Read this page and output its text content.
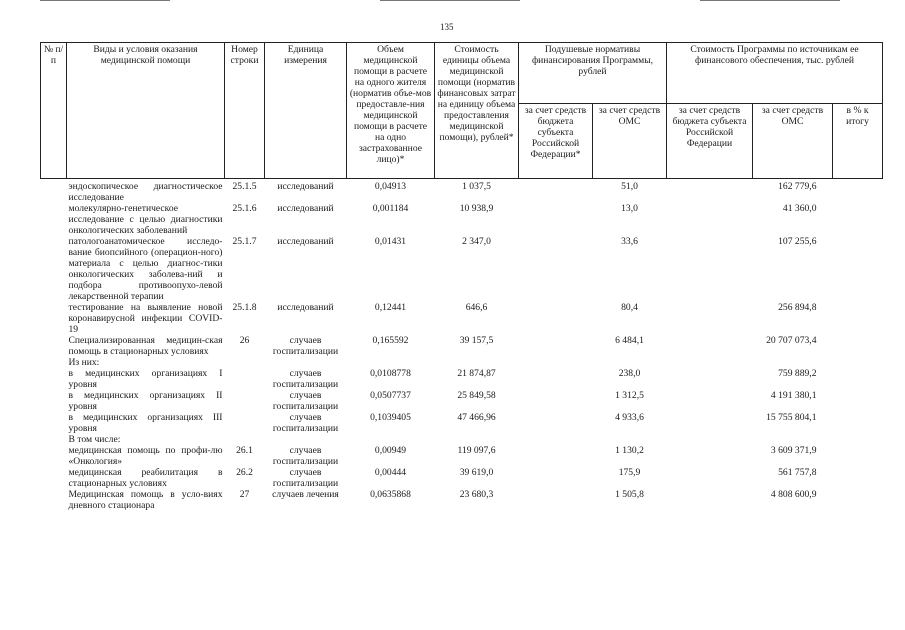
135
№ п/п	Виды и условия оказания медицинской помощи	Номер строки	Единица измерения	Объем медицинской помощи в расчете на одного жителя (норматив объе-мов предоставле-ния медицинской помощи в расчете на одно застрахованное лицо)*	Стоимость единицы объема медицинской помощи (норматив финансовых затрат на единицу объема предоставления медицинской помощи), рублей*	Подушевые нормативы финансирования Программы, рублей		Стоимость Программы по источникам ее финансового обеспечения, тыс. рублей		
						за счет средств бюджета субъекта Российской Федерации*	за счет средств ОМС	за счет средств бюджета субъекта Российской Федерации	за счет средств ОМС	в % к итогу
	эндоскопическое диагностическое исследование	25.1.5	исследований	0,04913	1 037,5		51,0		162 779,6	
	молекулярно-генетическое исследование с целью диагностики онкологических заболеваний	25.1.6	исследований	0,001184	10 938,9		13,0		41 360,0	
	патологоанатомическое исследо-вание биопсийного (операцион-ного) материала с целью диагнос-тики онкологических заболева-ний и подбора противоопухо-левой лекарственной терапии	25.1.7	исследований	0,01431	2 347,0		33,6		107 255,6	
	тестирование на выявление новой коронавирусной инфекции COVID-19	25.1.8	исследований	0,12441	646,6		80,4		256 894,8	
	Специализированная медицин-ская помощь в стационарных условиях	26	случаев госпитализации	0,165592	39 157,5		6 484,1		20 707 073,4	
	Из них:									
	в медицинских организациях I уровня		случаев госпитализации	0,0108778	21 874,87		238,0		759 889,2	
	в медицинских организациях II уровня		случаев госпитализации	0,0507737	25 849,58		1 312,5		4 191 380,1	
	в медицинских организациях III уровня		случаев госпитализации	0,1039405	47 466,96		4 933,6		15 755 804,1	
	В том числе:									
	медицинская помощь по профи-лю «Онкология»	26.1	случаев госпитализации	0,00949	119 097,6		1 130,2		3 609 371,9	
	медицинская реабилитация в стационарных условиях	26.2	случаев госпитализации	0,00444	39 619,0		175,9		561 757,8	
	Медицинская помощь в усло-виях дневного стационара	27	случаев лечения	0,0635868	23 680,3		1 505,8		4 808 600,9	
